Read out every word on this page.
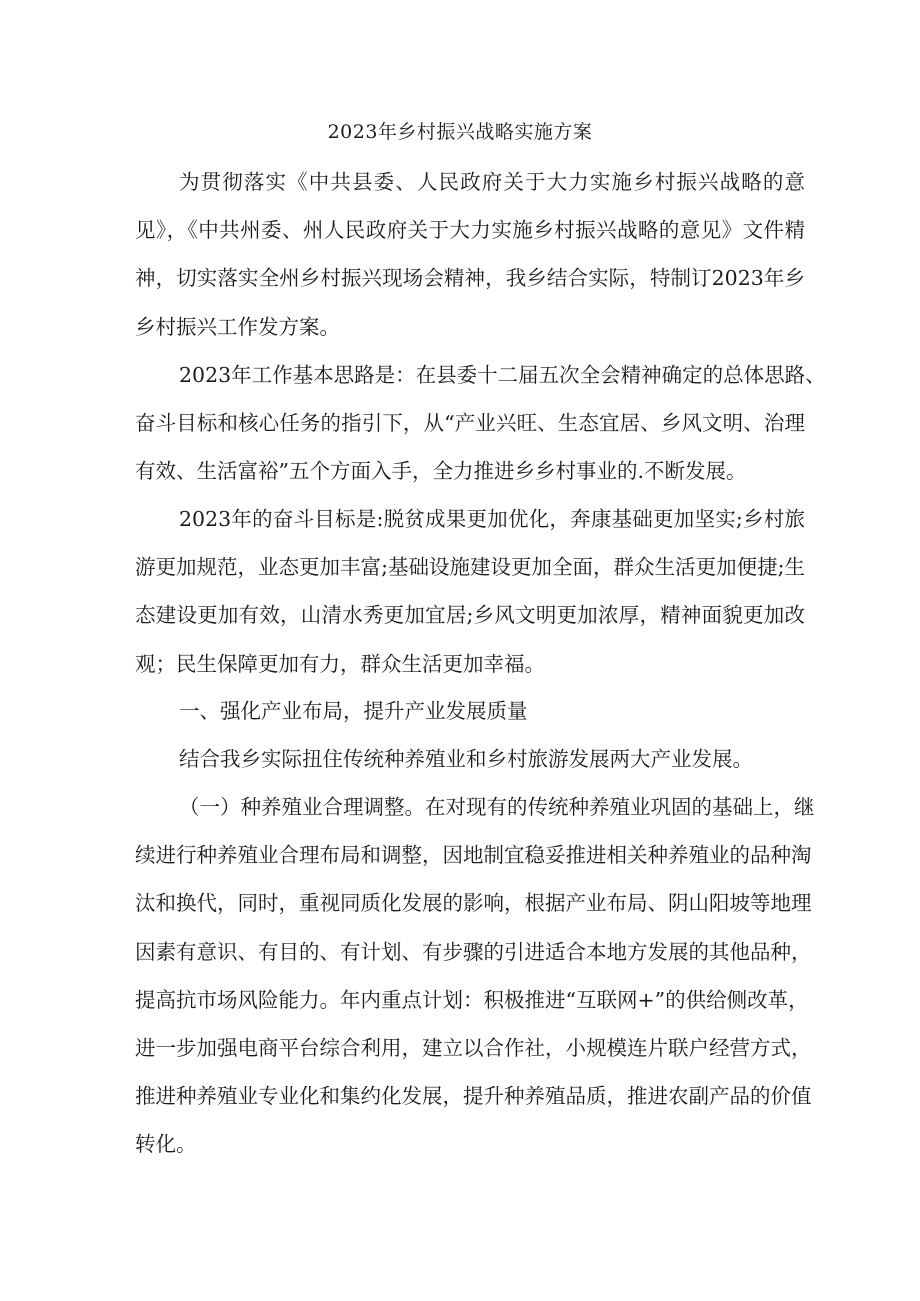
2023年乡村振兴战略实施方案
为贯彻落实《中共县委、人民政府关于大力实施乡村振兴战略的意
见》，《中共州委、州人民政府关于大力实施乡村振兴战略的意见》文件精
神，切实落实全州乡村振兴现场会精神，我乡结合实际，特制订2023年乡
乡村振兴工作发方案。
2023年工作基本思路是：在县委十二届五次全会精神确定的总体思路、
奋斗目标和核心任务的指引下，从“产业兴旺、生态宜居、乡风文明、治理
有效、生活富裕”五个方面入手，全力推进乡乡村事业的.不断发展。
2023年的奋斗目标是:脱贫成果更加优化，奔康基础更加坚实;乡村旅
游更加规范，业态更加丰富;基础设施建设更加全面，群众生活更加便捷;生
态建设更加有效，山清水秀更加宜居;乡风文明更加浓厚，精神面貌更加改
观；民生保障更加有力，群众生活更加幸福。
一、强化产业布局，提升产业发展质量
结合我乡实际扭住传统种养殖业和乡村旅游发展两大产业发展。
（一）种养殖业合理调整。在对现有的传统种养殖业巩固的基础上，继
续进行种养殖业合理布局和调整，因地制宜稳妥推进相关种养殖业的品种淘
汰和换代，同时，重视同质化发展的影响，根据产业布局、阴山阳坡等地理
因素有意识、有目的、有计划、有步骤的引进适合本地方发展的其他品种，
提高抗市场风险能力。年内重点计划：积极推进“互联网+”的供给侧改革，
进一步加强电商平台综合利用，建立以合作社，小规模连片联户经营方式，
推进种养殖业专业化和集约化发展，提升种养殖品质，推进农副产品的价值
转化。
